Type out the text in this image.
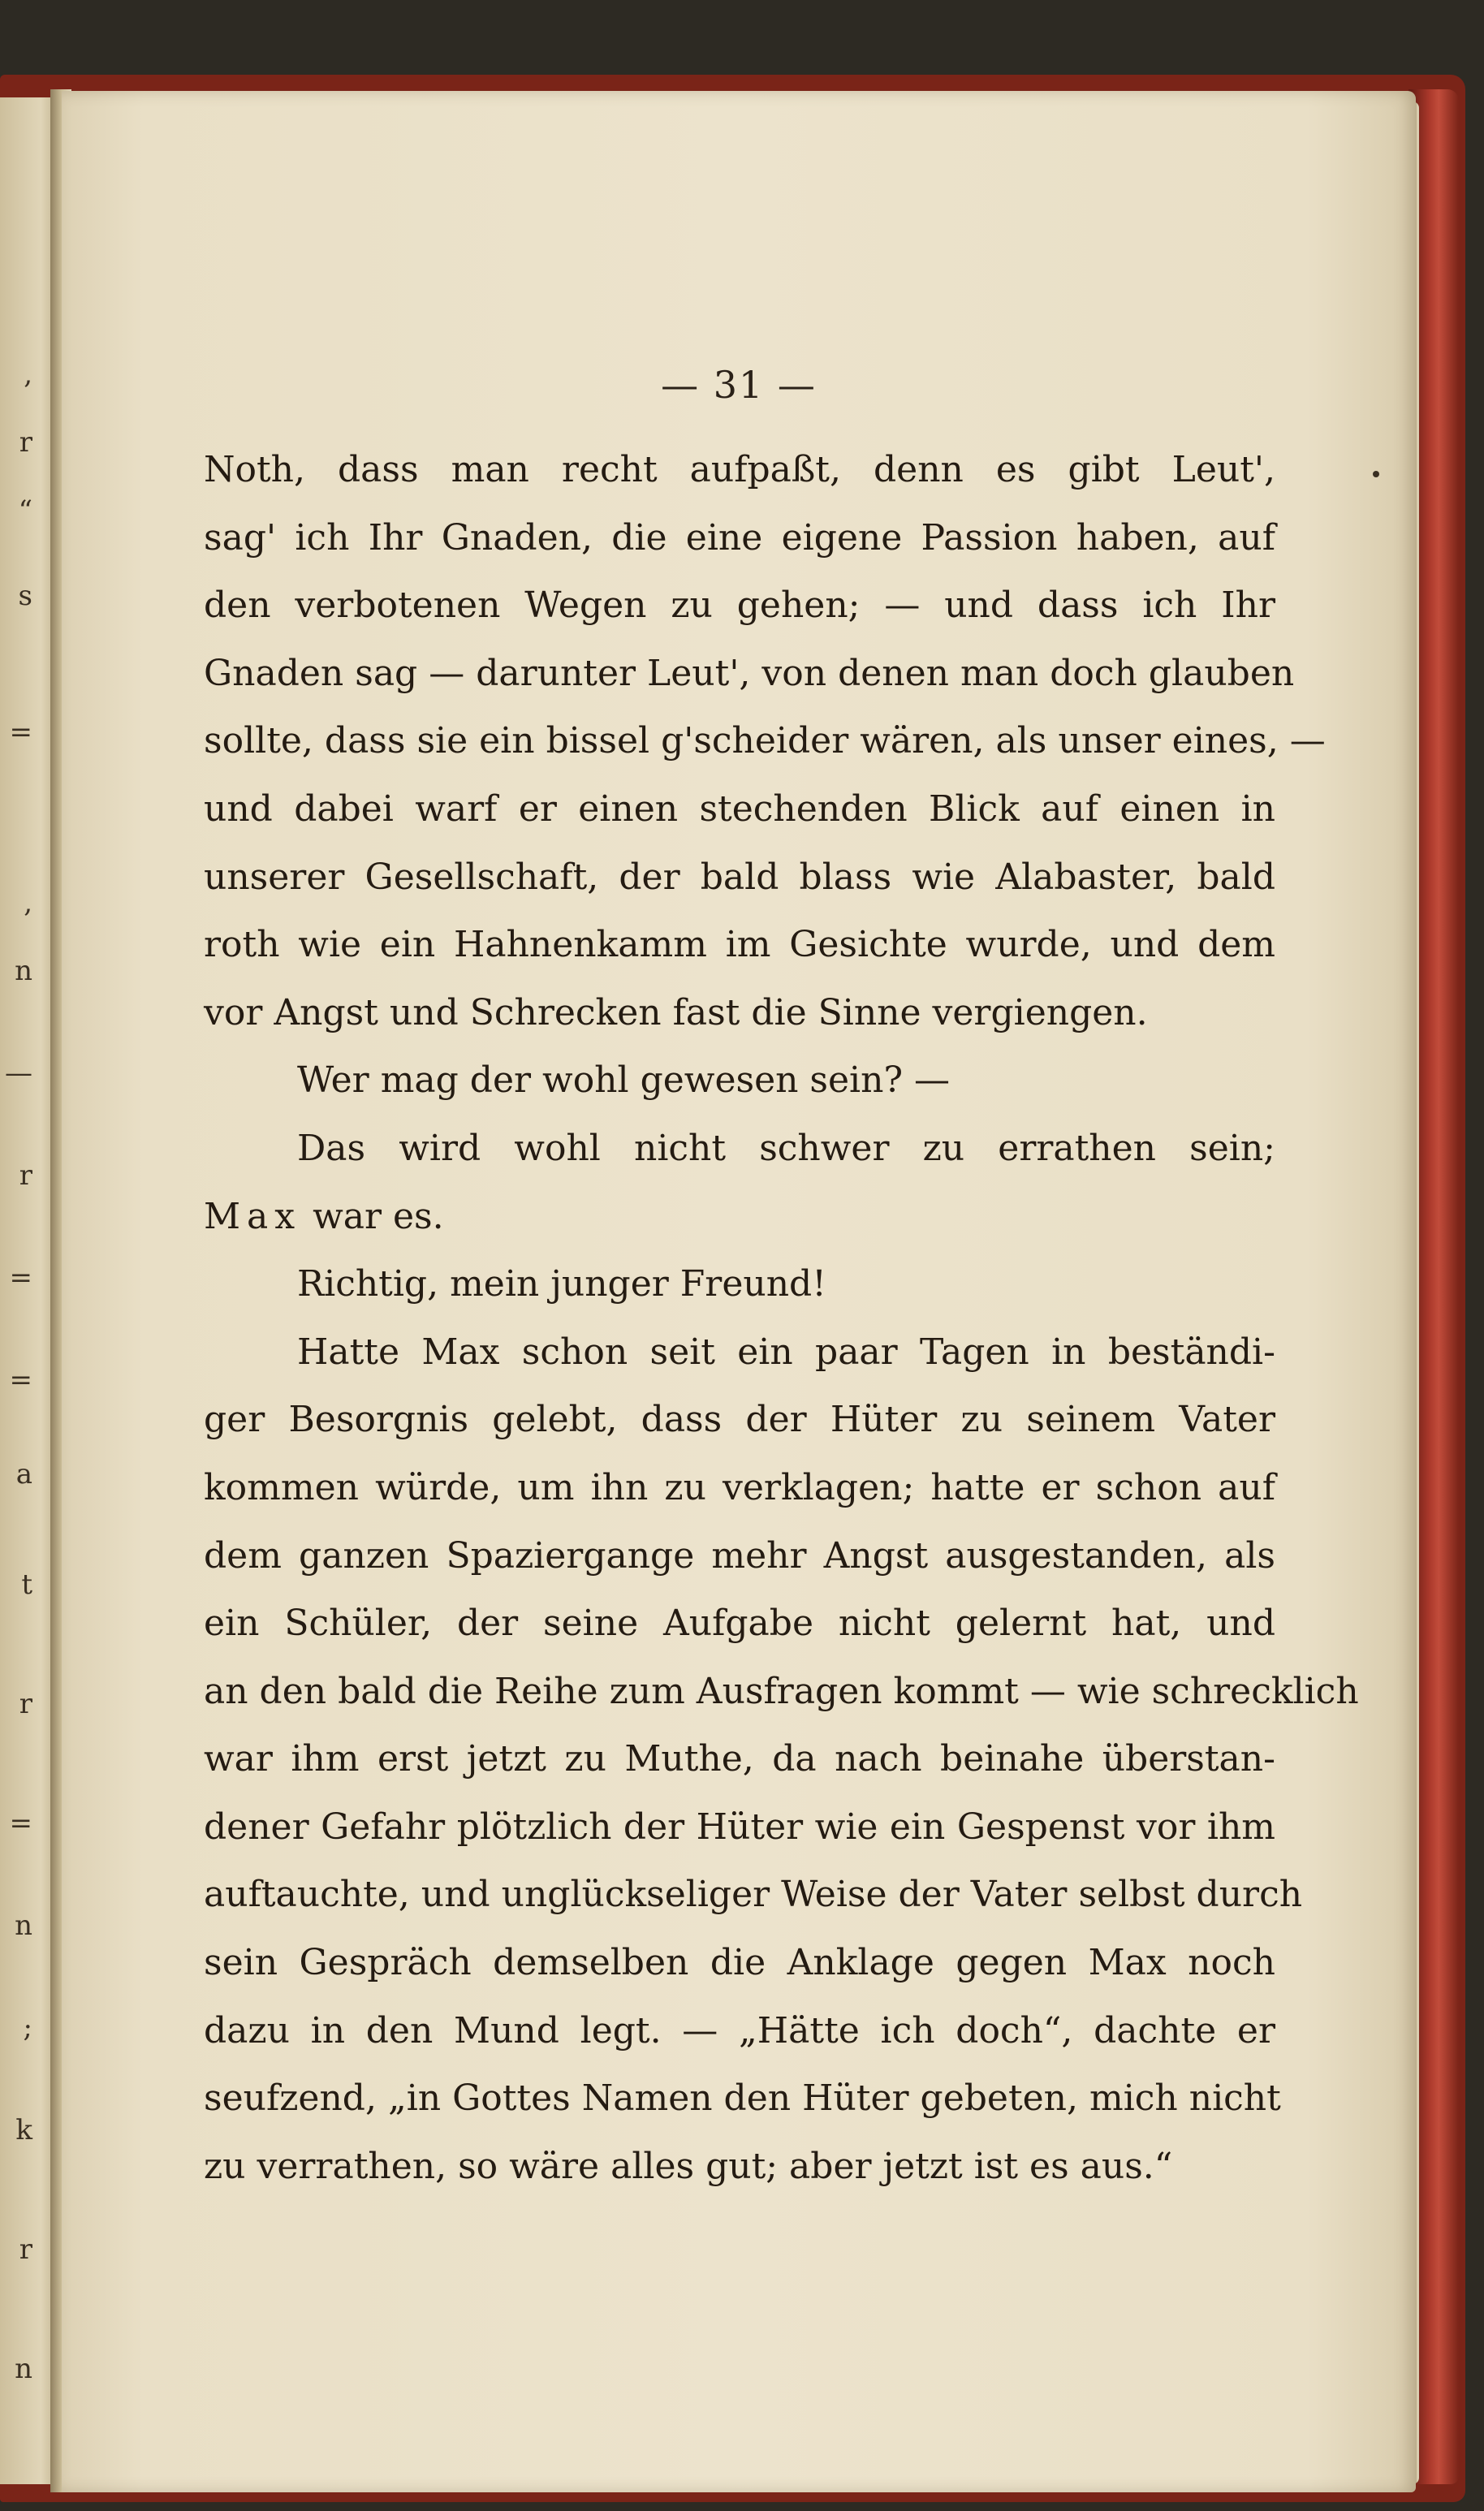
,
r
“
s
=
,
n
—
r
=
=
a
t
r
=
n
;
k
r
n
— 31 —
Noth, dass man recht aufpaßt, denn es gibt Leut',
sag' ich Ihr Gnaden, die eine eigene Passion haben, auf
den verbotenen Wegen zu gehen; — und dass ich Ihr
Gnaden sag — darunter Leut', von denen man doch glauben
sollte, dass sie ein bissel g'scheider wären, als unser eines, —
und dabei warf er einen stechenden Blick auf einen in
unserer Gesellschaft, der bald blass wie Alabaster, bald
roth wie ein Hahnenkamm im Gesichte wurde, und dem
vor Angst und Schrecken fast die Sinne vergiengen.
Wer mag der wohl gewesen sein? —
Das wird wohl nicht schwer zu errathen sein;
Max war es.
Richtig, mein junger Freund!
Hatte Max schon seit ein paar Tagen in beständi-
ger Besorgnis gelebt, dass der Hüter zu seinem Vater
kommen würde, um ihn zu verklagen; hatte er schon auf
dem ganzen Spaziergange mehr Angst ausgestanden, als
ein Schüler, der seine Aufgabe nicht gelernt hat, und
an den bald die Reihe zum Ausfragen kommt — wie schrecklich
war ihm erst jetzt zu Muthe, da nach beinahe überstan-
dener Gefahr plötzlich der Hüter wie ein Gespenst vor ihm
auftauchte, und unglückseliger Weise der Vater selbst durch
sein Gespräch demselben die Anklage gegen Max noch
dazu in den Mund legt. — „Hätte ich doch“, dachte er
seufzend, „in Gottes Namen den Hüter gebeten, mich nicht
zu verrathen, so wäre alles gut; aber jetzt ist es aus.“
